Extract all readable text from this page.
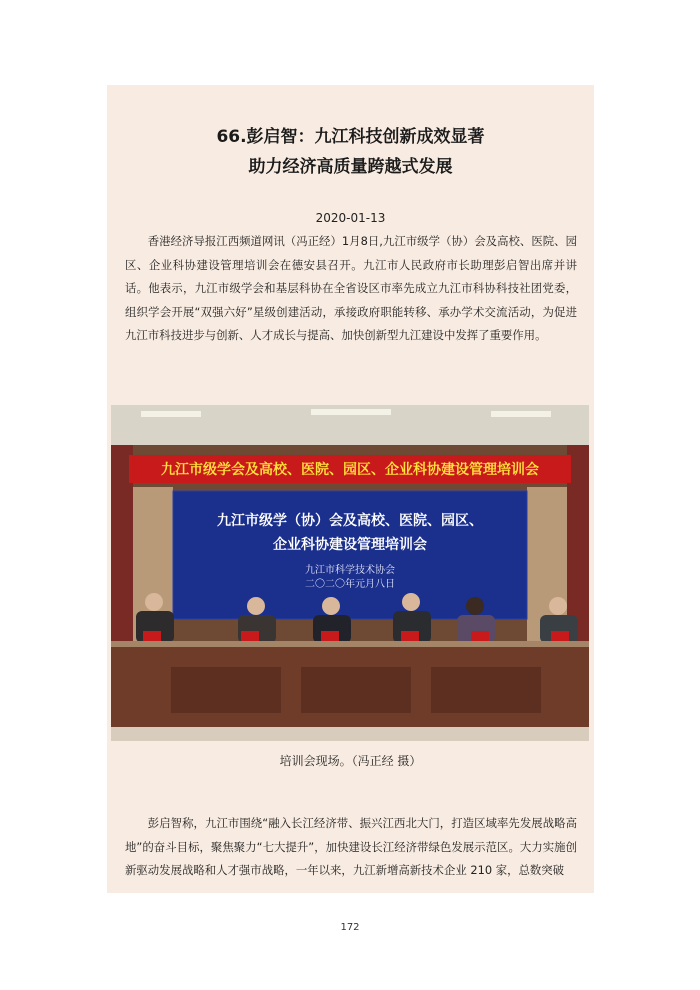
66.彭启智：九江科技创新成效显著
助力经济高质量跨越式发展
2020-01-13

香港经济导报江西频道网讯（冯正经）1月8日,九江市级学（协）会及高校、医院、园区、企业科协建设管理培训会在德安县召开。九江市人民政府市长助理彭启智出席并讲话。他表示，九江市级学会和基层科协在全省设区市率先成立九江市科协科技社团党委，组织学会开展“双强六好”星级创建活动，承接政府职能转移、承办学术交流活动，为促进九江市科技进步与创新、人才成长与提高、加快创新型九江建设中发挥了重要作用。

九江市级学会及高校、医院、园区、企业科协建设管理培训会
九江市级学（协）会及高校、医院、园区、
企业科协建设管理培训会
九江市科学技术协会
二〇二〇年元月八日
培训会现场。（冯正经 摄）

彭启智称，九江市围绕“融入长江经济带、振兴江西北大门，打造区域率先发展战略高地”的奋斗目标，聚焦聚力“七大提升”，加快建设长江经济带绿色发展示范区。大力实施创新驱动发展战略和人才强市战略，一年以来，九江新增高新技术企业 210 家，总数突破

172
